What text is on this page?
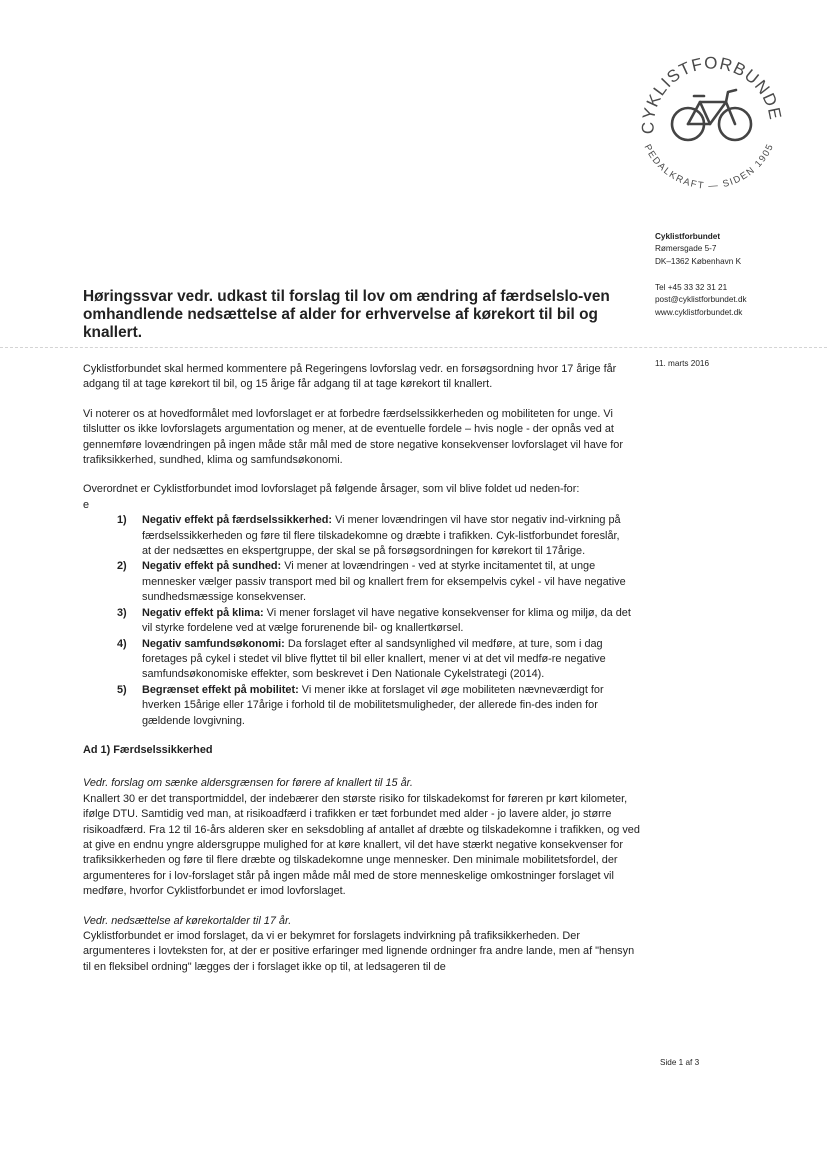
CYKLISTFORBUNDE
PEDALKRAFT — SIDEN 1905
Cyklistforbundet
Rømersgade 5-7
DK–1362 København K
Tel +45 33 32 31 21
post@cyklistforbundet.dk
www.cyklistforbundet.dk
Høringssvar vedr. udkast til forslag til lov om ændring af færdselslo-ven omhandlende nedsættelse af alder for erhvervelse af kørekort til bil og knallert.
11. marts 2016

Cyklistforbundet skal hermed kommentere på Regeringens lovforslag vedr. en forsøgsordning hvor 17 årige får adgang til at tage kørekort til bil, og 15 årige får adgang til at tage kørekort til knallert.

Vi noterer os at hovedformålet med lovforslaget er at forbedre færdselssikkerheden og mobiliteten for unge. Vi tilslutter os ikke lovforslagets argumentation og mener, at de eventuelle fordele – hvis nogle - der opnås ved at gennemføre lovændringen på ingen måde står mål med de store negative konsekvenser lovforslaget vil have for trafiksikkerhed, sundhed, klima og samfundsøkonomi.

Overordnet er Cyklistforbundet imod lovforslaget på følgende årsager, som vil blive foldet ud neden-for:

e

1)	Negativ effekt på færdselssikkerhed: Vi mener lovændringen vil have stor negativ ind-virkning på færdselssikkerheden og føre til flere tilskadekomne og dræbte i trafikken. Cyk-listforbundet foreslår, at der nedsættes en ekspertgruppe, der skal se på forsøgsordningen for kørekort til 17årige.
2)	Negativ effekt på sundhed: Vi mener at lovændringen - ved at styrke incitamentet til, at unge mennesker vælger passiv transport med bil og knallert frem for eksempelvis cykel - vil have negative sundhedsmæssige konsekvenser.
3)	Negativ effekt på klima: Vi mener forslaget vil have negative konsekvenser for klima og miljø, da det vil styrke fordelene ved at vælge forurenende bil- og knallertkørsel.
4)	Negativ samfundsøkonomi: Da forslaget efter al sandsynlighed vil medføre, at ture, som i dag foretages på cykel i stedet vil blive flyttet til bil eller knallert, mener vi at det vil medfø-re negative samfundsøkonomiske effekter, som beskrevet i Den Nationale Cykelstrategi (2014).
5)	Begrænset effekt på mobilitet: Vi mener ikke at forslaget vil øge mobiliteten nævneværdigt for hverken 15årige eller 17årige i forhold til de mobilitetsmuligheder, der allerede fin-des inden for gældende lovgivning.

Ad 1) Færdselssikkerhed

Vedr. forslag om sænke aldersgrænsen for førere af knallert til 15 år.

Knallert 30 er det transportmiddel, der indebærer den største risiko for tilskadekomst for føreren pr kørt kilometer, ifølge DTU. Samtidig ved man, at risikoadfærd i trafikken er tæt forbundet med alder - jo lavere alder, jo større risikoadfærd. Fra 12 til 16-års alderen sker en seksdobling af antallet af dræbte og tilskadekomne i trafikken, og ved at give en endnu yngre aldersgruppe mulighed for at køre knallert, vil det have stærkt negative konsekvenser for trafiksikkerheden og føre til flere dræbte og tilskadekomne unge mennesker. Den minimale mobilitetsfordel, der argumenteres for i lov-forslaget står på ingen måde mål med de store menneskelige omkostninger forslaget vil medføre, hvorfor Cyklistforbundet er imod lovforslaget.

Vedr. nedsættelse af kørekortalder til 17 år.

Cyklistforbundet er imod forslaget, da vi er bekymret for forslagets indvirkning på trafiksikkerheden. Der argumenteres i lovteksten for, at der er positive erfaringer med lignende ordninger fra andre lande, men af "hensyn til en fleksibel ordning" lægges der i forslaget ikke op til, at ledsageren til de

Side 1 af 3
